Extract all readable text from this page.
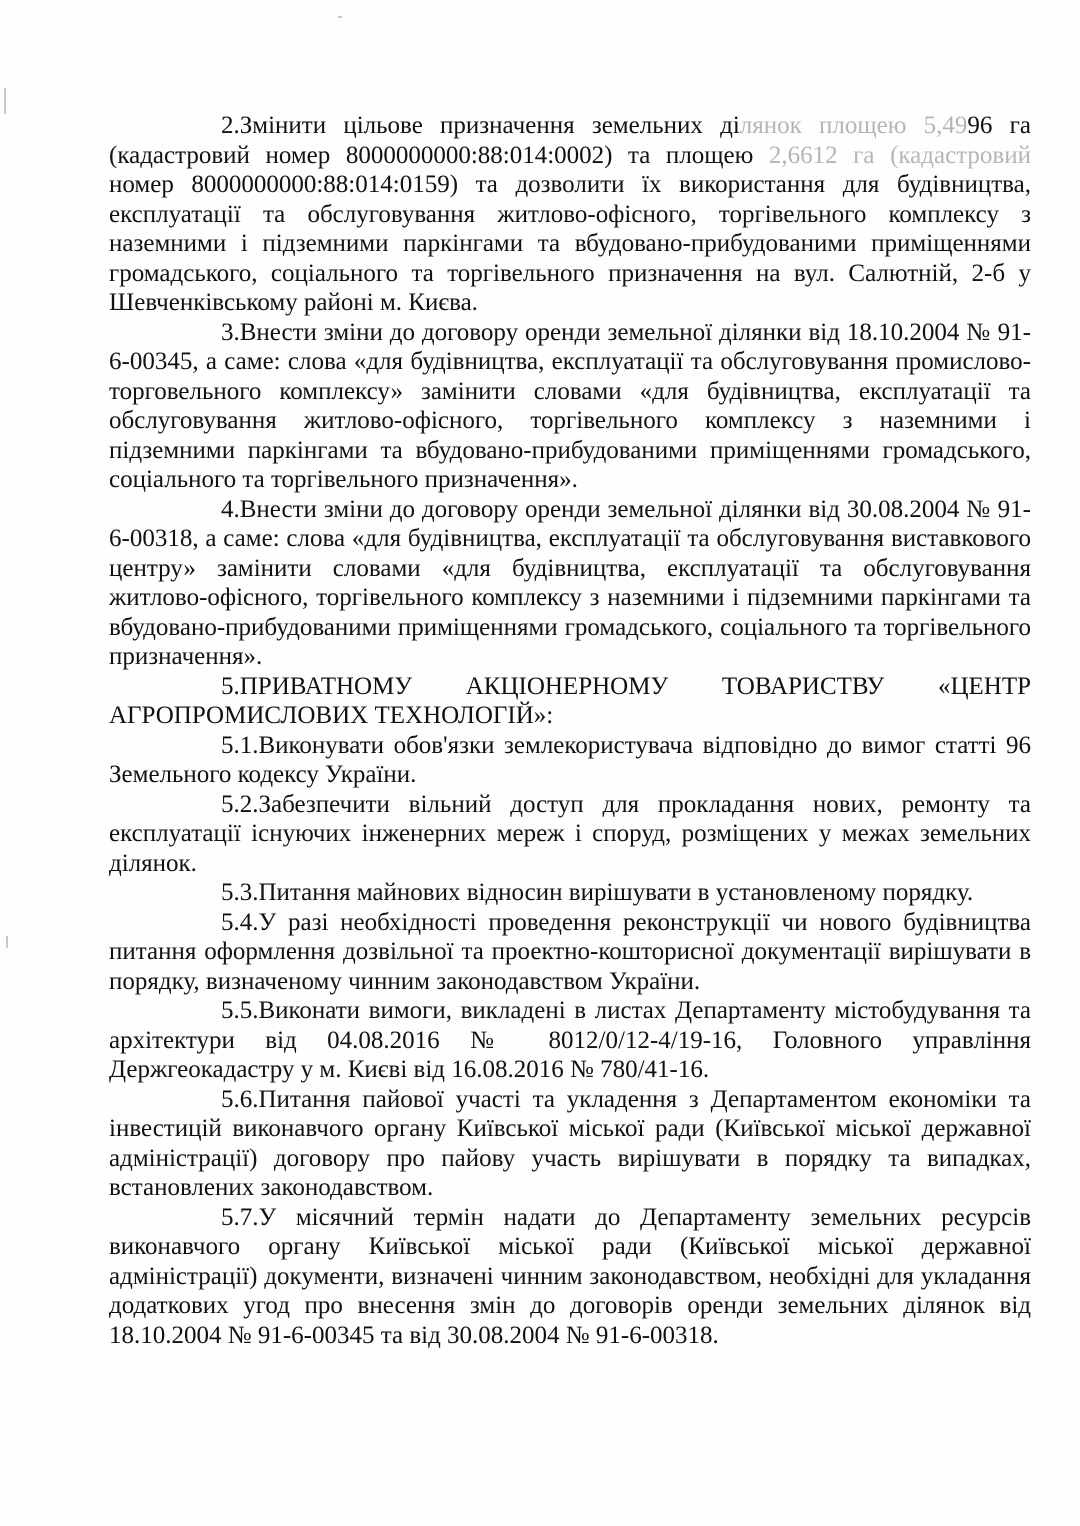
2.Змінити цільове призначення земельних ділянок площею 5,4996 га (кадастровий номер 8000000000:88:014:0002) та площею 2,6612 га (кадастровий номер 8000000000:88:014:0159) та дозволити їх використання для будівництва, експлуатації та обслуговування житлово-офісного, торгівельного комплексу з наземними і підземними паркінгами та вбудовано-прибудованими приміщеннями громадського, соціального та торгівельного призначення на вул. Салютній, 2-б у Шевченківському районі м. Києва.

3.Внести зміни до договору оренди земельної ділянки від 18.10.2004 № 91-6-00345, а саме: слова «для будівництва, експлуатації та обслуговування промислово-торговельного комплексу» замінити словами «для будівництва, експлуатації та обслуговування житлово-офісного, торгівельного комплексу з наземними і підземними паркінгами та вбудовано-прибудованими приміщеннями громадського, соціального та торгівельного призначення».

4.Внести зміни до договору оренди земельної ділянки від 30.08.2004 № 91-6-00318, а саме: слова «для будівництва, експлуатації та обслуговування виставкового центру» замінити словами «для будівництва, експлуатації та обслуговування житлово-офісного, торгівельного комплексу з наземними і підземними паркінгами та вбудовано-прибудованими приміщеннями громадського, соціального та торгівельного призначення».

5.ПРИВАТНОМУ АКЦІОНЕРНОМУ ТОВАРИСТВУ «ЦЕНТР АГРОПРОМИСЛОВИХ ТЕХНОЛОГІЙ»:

5.1.Виконувати обов'язки землекористувача відповідно до вимог статті 96 Земельного кодексу України.

5.2.Забезпечити вільний доступ для прокладання нових, ремонту та експлуатації існуючих інженерних мереж і споруд, розміщених у межах земельних ділянок.

5.3.Питання майнових відносин вирішувати в установленому порядку.

5.4.У разі необхідності проведення реконструкції чи нового будівництва питання оформлення дозвільної та проектно-кошторисної документації вирішувати в порядку, визначеному чинним законодавством України.

5.5.Виконати вимоги, викладені в листах Департаменту містобудування та архітектури від 04.08.2016 № 8012/0/12-4/19-16, Головного управління Держгеокадастру у м. Києві від 16.08.2016 № 780/41-16.

5.6.Питання пайової участі та укладення з Департаментом економіки та інвестицій виконавчого органу Київської міської ради (Київської міської державної адміністрації) договору про пайову участь вирішувати в порядку та випадках, встановлених законодавством.

5.7.У місячний термін надати до Департаменту земельних ресурсів виконавчого органу Київської міської ради (Київської міської державної адміністрації) документи, визначені чинним законодавством, необхідні для укладання додаткових угод про внесення змін до договорів оренди земельних ділянок від 18.10.2004 № 91-6-00345 та від 30.08.2004 № 91-6-00318.
